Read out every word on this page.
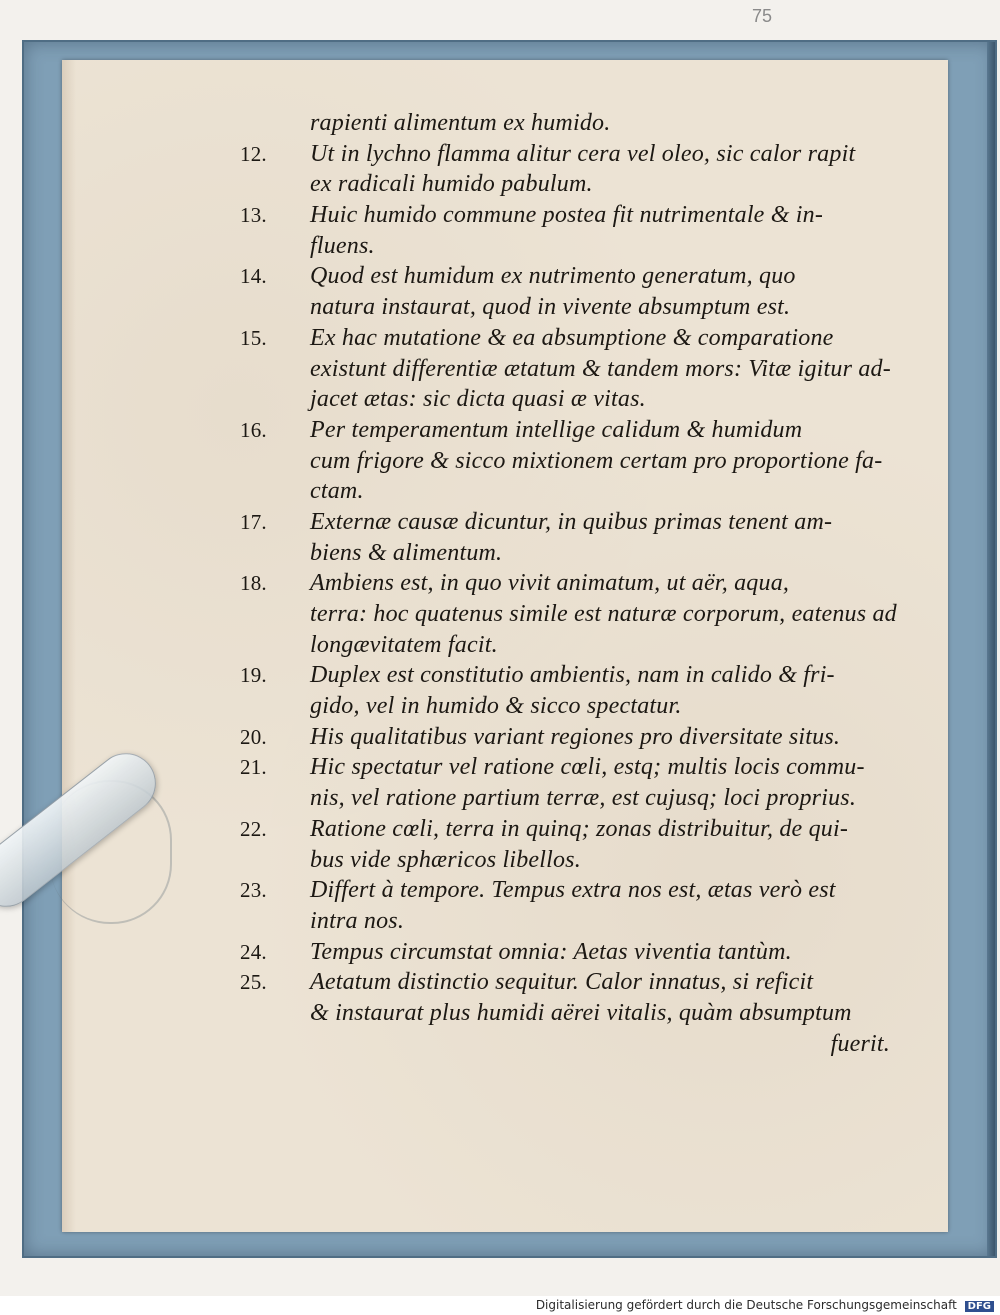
75
rapienti alimentum ex humido.
12. Ut in lychno flamma alitur cera vel oleo, sic calor rapit
ex radicali humido pabulum.
13. Huic humido commune postea fit nutrimentale & in-
fluens.
14. Quod est humidum ex nutrimento generatum, quo
natura instaurat, quod in vivente absumptum est.
15. Ex hac mutatione & ea absumptione & comparatione
existunt differentiæ ætatum & tandem mors: Vitæ igitur ad-
jacet ætas: sic dicta quasi æ vitas.
16. Per temperamentum intellige calidum & humidum
cum frigore & sicco mixtionem certam pro proportione fa-
ctam.
17. Externæ causæ dicuntur, in quibus primas tenent am-
biens & alimentum.
18. Ambiens est, in quo vivit animatum, ut aër, aqua,
terra: hoc quatenus simile est naturæ corporum, eatenus ad
longævitatem facit.
19. Duplex est constitutio ambientis, nam in calido & fri-
gido, vel in humido & sicco spectatur.
20. His qualitatibus variant regiones pro diversitate situs.
21. Hic spectatur vel ratione cœli, estq; multis locis commu-
nis, vel ratione partium terræ, est cujusq; loci proprius.
22. Ratione cœli, terra in quinq; zonas distribuitur, de qui-
bus vide sphæricos libellos.
23. Differt à tempore. Tempus extra nos est, ætas verò est
intra nos.
24. Tempus circumstat omnia: Aetas viventia tantùm.
25. Aetatum distinctio sequitur. Calor innatus, si reficit
& instaurat plus humidi aërei vitalis, quàm absumptum
fuerit.
Digitalisierung gefördert durch die Deutsche Forschungsgemeinschaft DFG
